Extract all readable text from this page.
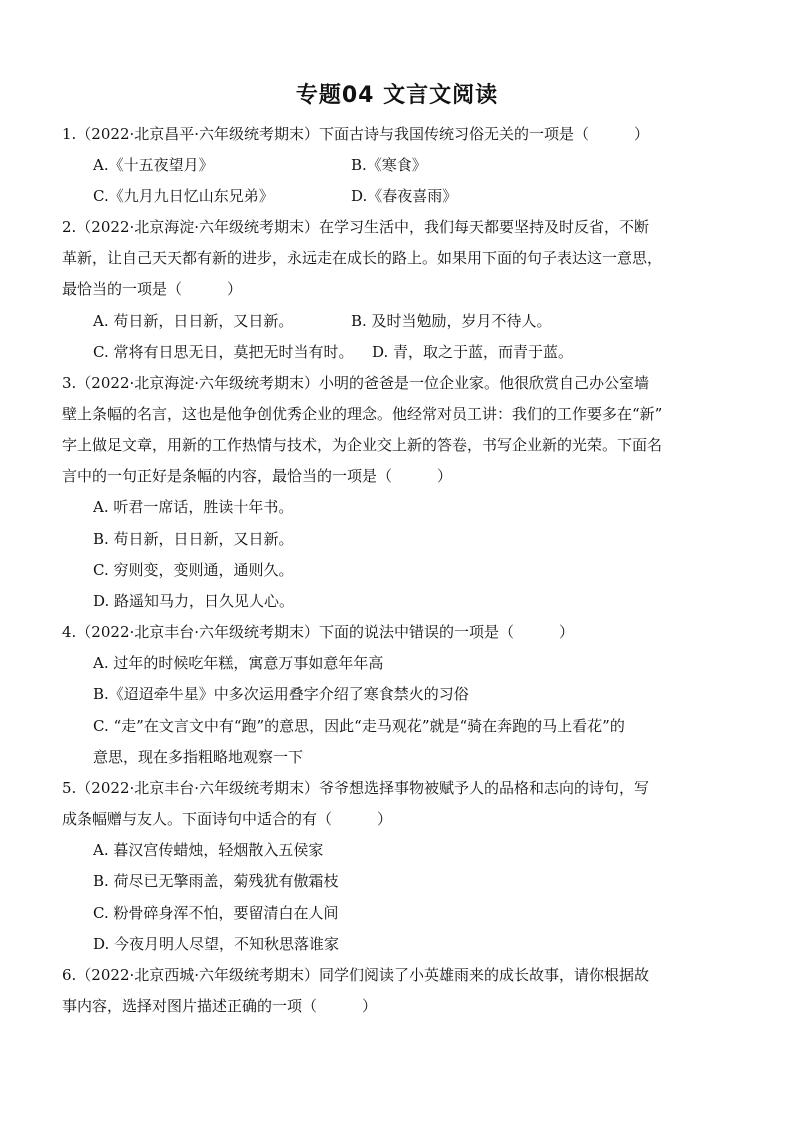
专题04 文言文阅读
1.（2022·北京昌平·六年级统考期末）下面古诗与我国传统习俗无关的一项是（　　　）
A.《十五夜望月》	B.《寒食》
C.《九月九日忆山东兄弟》	D.《春夜喜雨》
2.（2022·北京海淀·六年级统考期末）在学习生活中，我们每天都要坚持及时反省，不断
革新，让自己天天都有新的进步，永远走在成长的路上。如果用下面的句子表达这一意思，
最恰当的一项是（　　　）
A. 苟日新，日日新，又日新。	B. 及时当勉励，岁月不待人。
C. 常将有日思无日，莫把无时当有时。 D. 青，取之于蓝，而青于蓝。
3.（2022·北京海淀·六年级统考期末）小明的爸爸是一位企业家。他很欣赏自己办公室墙
壁上条幅的名言，这也是他争创优秀企业的理念。他经常对员工讲：我们的工作要多在“新”
字上做足文章，用新的工作热情与技术，为企业交上新的答卷，书写企业新的光荣。下面名
言中的一句正好是条幅的内容，最恰当的一项是（　　　）
A. 听君一席话，胜读十年书。
B. 苟日新，日日新，又日新。
C. 穷则变，变则通，通则久。
D. 路遥知马力，日久见人心。
4.（2022·北京丰台·六年级统考期末）下面的说法中错误的一项是（　　　）
A. 过年的时候吃年糕，寓意万事如意年年高
B.《迢迢牵牛星》中多次运用叠字介绍了寒食禁火的习俗
C. “走”在文言文中有“跑”的意思，因此“走马观花”就是“骑在奔跑的马上看花”的
意思，现在多指粗略地观察一下
5.（2022·北京丰台·六年级统考期末）爷爷想选择事物被赋予人的品格和志向的诗句，写
成条幅赠与友人。下面诗句中适合的有（　　　）
A. 暮汉宫传蜡烛，轻烟散入五侯家
B. 荷尽已无擎雨盖，菊残犹有傲霜枝
C. 粉骨碎身浑不怕，要留清白在人间
D. 今夜月明人尽望，不知秋思落谁家
6.（2022·北京西城·六年级统考期末）同学们阅读了小英雄雨来的成长故事，请你根据故
事内容，选择对图片描述正确的一项（　　　）
